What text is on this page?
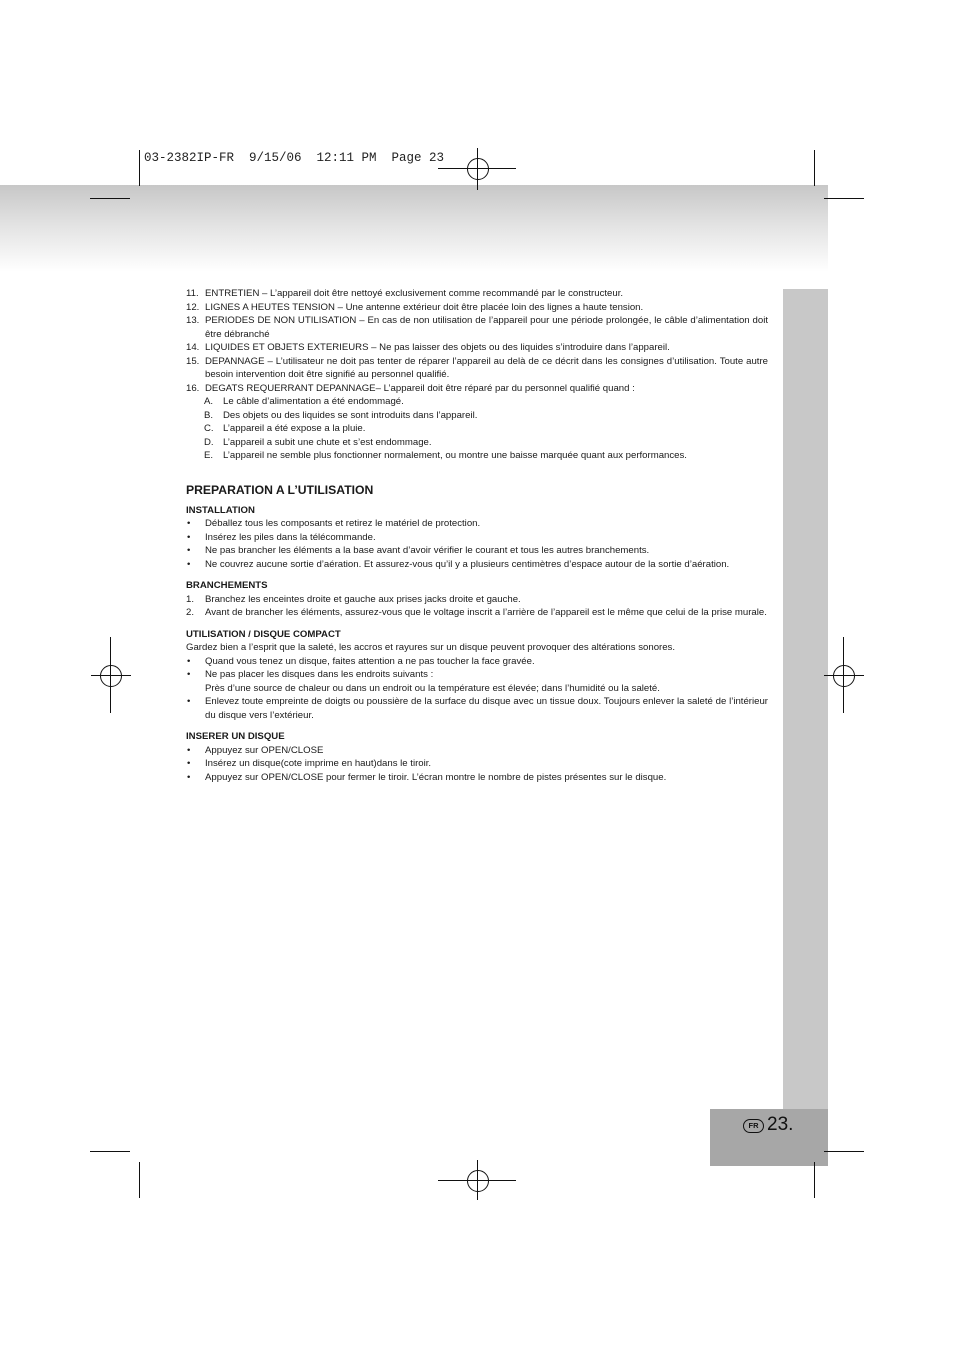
03-2382IP-FR  9/15/06  12:11 PM  Page 23
FR 23.

11. ENTRETIEN – L’appareil doit être nettoyé exclusivement comme recommandé par le constructeur.

12. LIGNES A HEUTES TENSION – Une antenne extérieur doit être placée loin des lignes a haute tension.

13. PERIODES DE NON UTILISATION – En cas de non utilisation de l’appareil pour une période prolongée, le câble d’alimentation doit être débranché

14. LIQUIDES ET OBJETS EXTERIEURS – Ne pas laisser des objets ou des liquides s’introduire dans l’appareil.

15. DEPANNAGE – L’utilisateur ne doit pas tenter de réparer l’appareil au delà de ce décrit dans les consignes d’utilisation. Toute autre besoin intervention doit être signifié au personnel qualifié.

16. DEGATS REQUERRANT DEPANNAGE– L’appareil doit être réparé par du personnel qualifié quand :

A. Le câble d’alimentation a été endommagé.

B. Des objets ou des liquides se sont introduits dans l’appareil.

C. L’appareil a été expose a la pluie.

D. L’appareil a subit une chute et s’est endommage.

E. L’appareil ne semble plus fonctionner normalement, ou montre une baisse marquée quant aux performances.

PREPARATION A L’UTILISATION

INSTALLATION

• Déballez tous les composants et retirez le matériel de protection.

• Insérez les piles dans la télécommande.

• Ne pas brancher les éléments a la base avant d’avoir vérifier le courant et tous les autres branchements.

• Ne couvrez aucune sortie d’aération. Et assurez-vous qu’il y a plusieurs centimètres d’espace autour de la sortie d’aération.

BRANCHEMENTS

1. Branchez les enceintes droite et gauche aux prises jacks droite et gauche.

2. Avant de brancher les éléments, assurez-vous que le voltage inscrit a l’arrière de l’appareil est le même que celui de la prise murale.

UTILISATION / DISQUE COMPACT

Gardez bien a l’esprit que la saleté, les accros et rayures sur un disque peuvent provoquer des altérations sonores.

• Quand vous tenez un disque, faites attention a ne pas toucher la face gravée.

• Ne pas placer les disques dans les endroits suivants :

Près d’une source de chaleur ou dans un endroit ou la température est élevée; dans l’humidité ou la saleté.

• Enlevez toute empreinte de doigts ou poussière de la surface du disque avec un tissue doux. Toujours enlever la saleté de l’intérieur du disque vers l’extérieur.

INSERER UN DISQUE

• Appuyez sur OPEN/CLOSE

• Insérez un disque(cote imprime en haut)dans le tiroir.

• Appuyez sur OPEN/CLOSE pour fermer le tiroir. L’écran montre le nombre de pistes présentes sur le disque.
